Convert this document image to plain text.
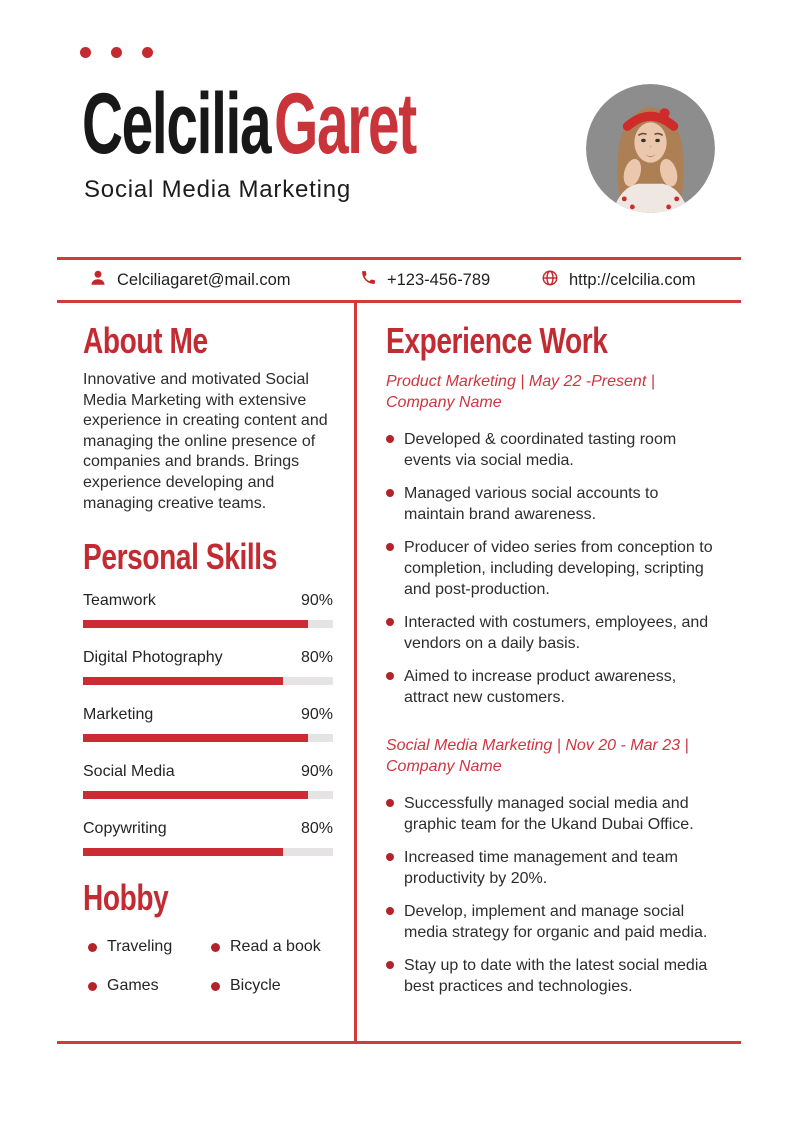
CelciliaGaret
Social Media Marketing
Celciliagaret@mail.com	+123-456-789	http://celcilia.com
About Me

Innovative and motivated Social Media Marketing with extensive experience in creating content and managing the online presence of companies and brands. Brings experience developing and managing creative teams.

Personal Skills
Teamwork	90%
Digital Photography	80%
Marketing	90%
Social Media	90%
Copywriting	80%
Hobby
Traveling	Read a book
Games	Bicycle
Experience Work
Product Marketing | May 22 -Present |
Company Name
Developed & coordinated tasting room events via social media.
Managed various social accounts to maintain brand awareness.
Producer of video series from conception to completion, including developing, scripting and post-production.
Interacted with costumers, employees, and vendors on a daily basis.
Aimed to increase product awareness, attract new customers.
Social Media Marketing | Nov 20 - Mar 23 |
Company Name
Successfully managed social media and graphic team for the Ukand Dubai Office.
Increased time management and team productivity by 20%.
Develop, implement and manage social media strategy for organic and paid media.
Stay up to date with the latest social media best practices and technologies.
